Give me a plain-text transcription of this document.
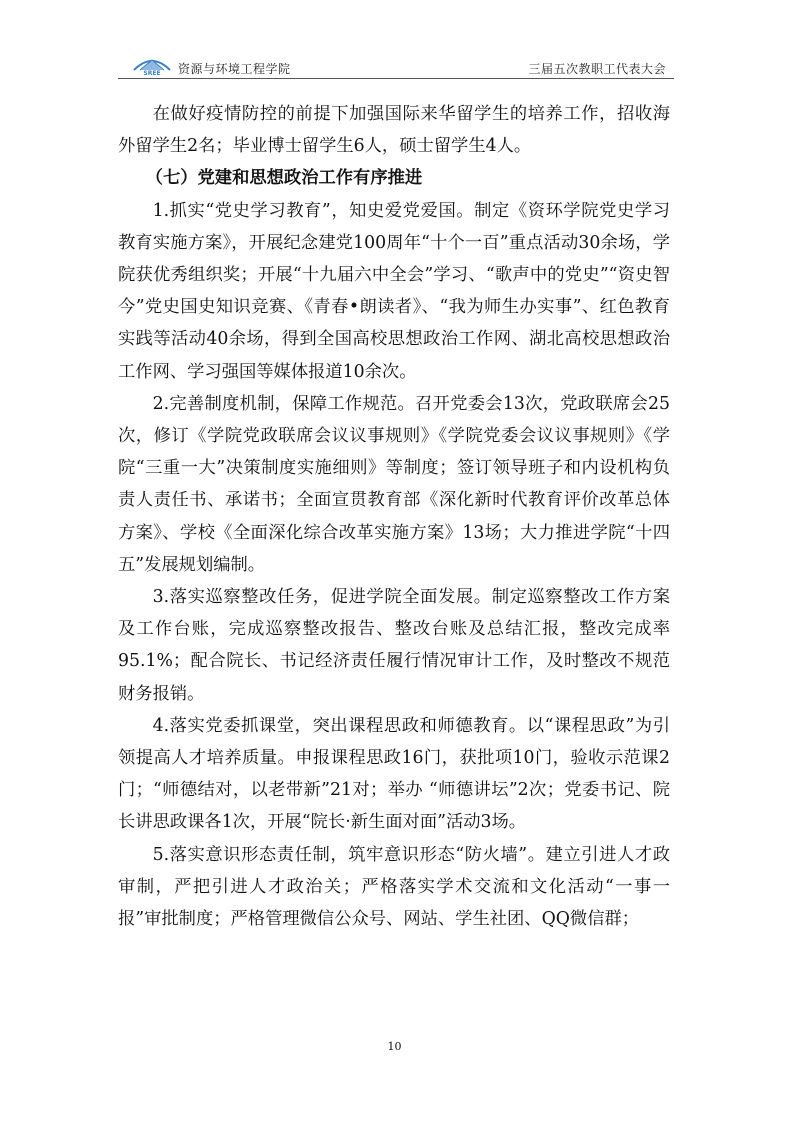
SREE 资源与环境工程学院	三届五次教职工代表大会

在做好疫情防控的前提下加强国际来华留学生的培养工作，招收海外留学生2名；毕业博士留学生6人，硕士留学生4人。

（七）党建和思想政治工作有序推进

1.抓实“党史学习教育”，知史爱党爱国。制定《资环学院党史学习教育实施方案》，开展纪念建党100周年“十个一百”重点活动30余场，学院获优秀组织奖；开展“十九届六中全会”学习、“歌声中的党史”“资史智今”党史国史知识竞赛、《青春•朗读者》、“我为师生办实事”、红色教育实践等活动40余场，得到全国高校思想政治工作网、湖北高校思想政治工作网、学习强国等媒体报道10余次。

2.完善制度机制，保障工作规范。召开党委会13次，党政联席会25次，修订《学院党政联席会议议事规则》《学院党委会议议事规则》《学院“三重一大”决策制度实施细则》等制度；签订领导班子和内设机构负责人责任书、承诺书；全面宣贯教育部《深化新时代教育评价改革总体方案》、学校《全面深化综合改革实施方案》13场；大力推进学院“十四五”发展规划编制。

3.落实巡察整改任务，促进学院全面发展。制定巡察整改工作方案及工作台账，完成巡察整改报告、整改台账及总结汇报，整改完成率95.1%；配合院长、书记经济责任履行情况审计工作，及时整改不规范财务报销。

4.落实党委抓课堂，突出课程思政和师德教育。以“课程思政”为引领提高人才培养质量。申报课程思政16门，获批项10门，验收示范课2门；“师德结对，以老带新”21对；举办 “师德讲坛”2次；党委书记、院长讲思政课各1次，开展“院长·新生面对面”活动3场。

5.落实意识形态责任制，筑牢意识形态“防火墙”。建立引进人才政审制，严把引进人才政治关；严格落实学术交流和文化活动“一事一报”审批制度；严格管理微信公众号、网站、学生社团、QQ微信群；

10
